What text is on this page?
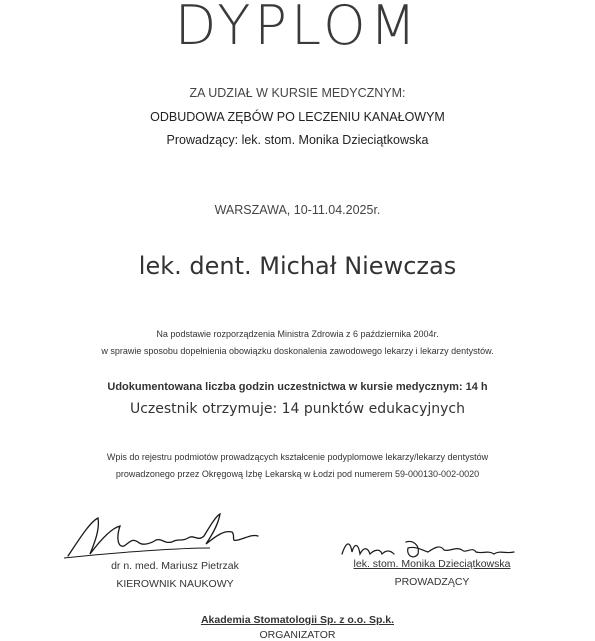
DYPLOM
ZA UDZIAŁ W KURSIE MEDYCZNYM:
ODBUDOWA ZĘBÓW PO LECZENIU KANAŁOWYM
Prowadzący: lek. stom. Monika Dzieciątkowska
WARSZAWA, 10-11.04.2025r.
lek. dent. Michał Niewczas
Na podstawie rozporządzenia Ministra Zdrowia z 6 października 2004r.
w sprawie sposobu dopełnienia obowiązku doskonalenia zawodowego lekarzy i lekarzy dentystów.
Udokumentowana liczba godzin uczestnictwa w kursie medycznym: 14 h
Uczestnik otrzymuje: 14 punktów edukacyjnych
Wpis do rejestru podmiotów prowadzących kształcenie podyplomowe lekarzy/lekarzy dentystów
prowadzonego przez Okręgową Izbę Lekarską w Łodzi pod numerem 59-000130-002-0020
dr n. med. Mariusz Pietrzak
KIEROWNIK NAUKOWY
lek. stom. Monika Dzieciątkowska
PROWADZĄCY
Akademia Stomatologii Sp. z o.o. Sp.k.
ORGANIZATOR
